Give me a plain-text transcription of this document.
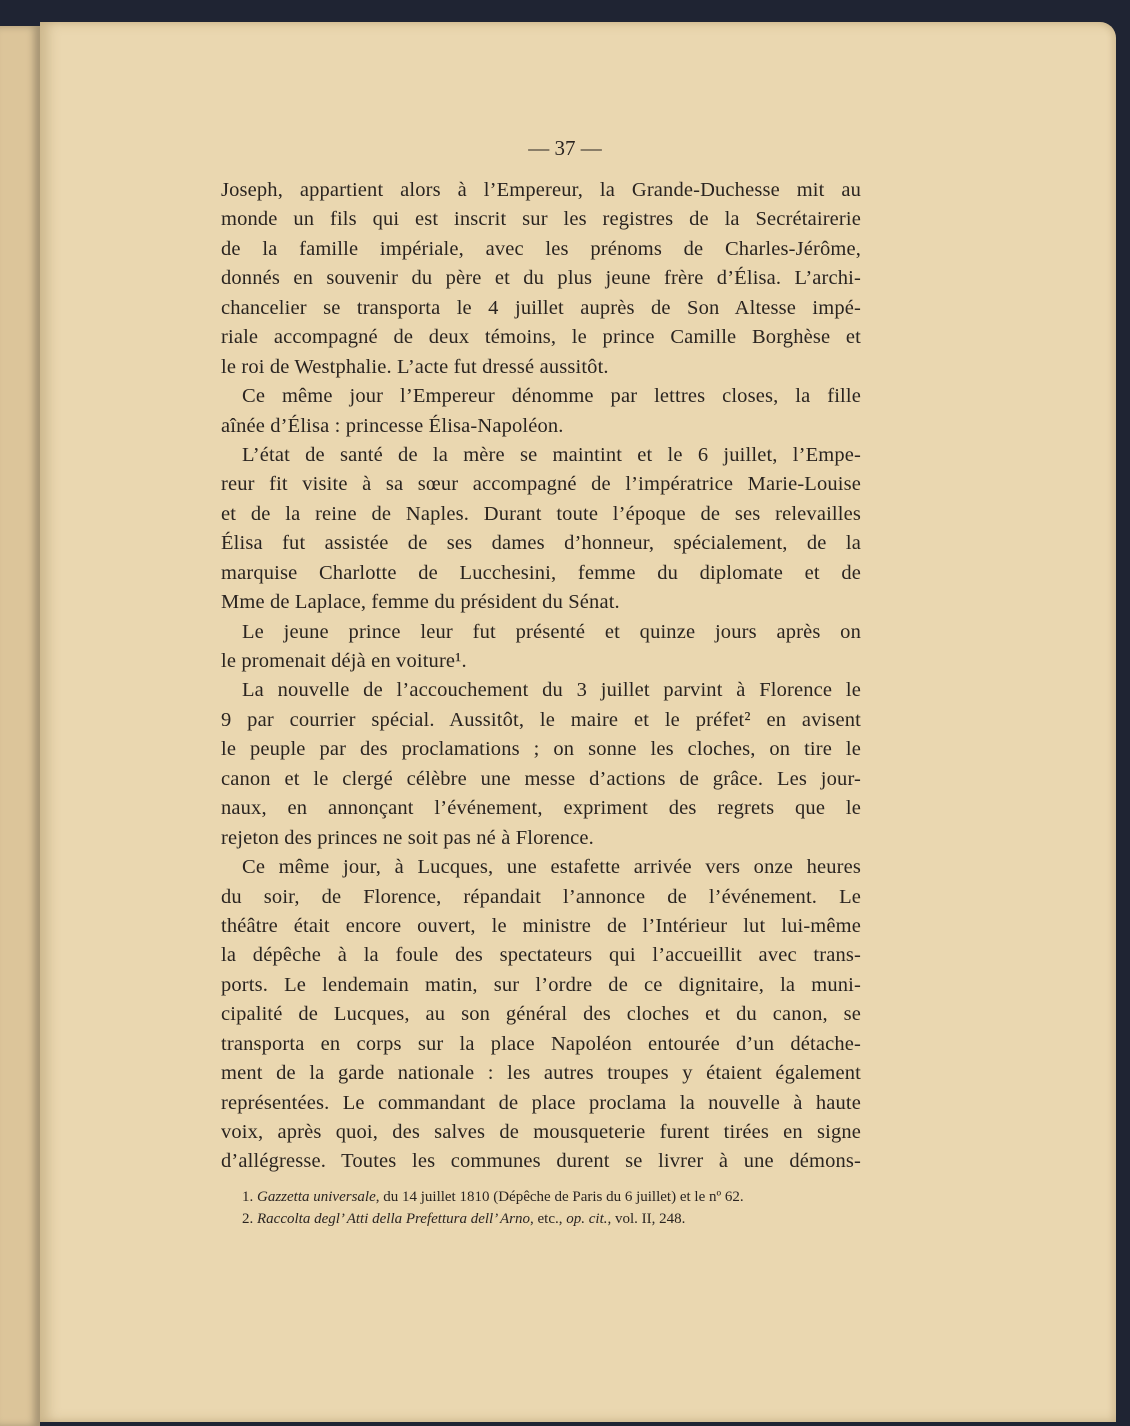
— 37 —
Joseph, appartient alors à l’Empereur, la Grande-Duchesse mit au
monde un fils qui est inscrit sur les registres de la Secrétairerie
de la famille impériale, avec les prénoms de Charles-Jérôme,
donnés en souvenir du père et du plus jeune frère d’Élisa. L’archi-
chancelier se transporta le 4 juillet auprès de Son Altesse impé-
riale accompagné de deux témoins, le prince Camille Borghèse et
le roi de Westphalie. L’acte fut dressé aussitôt.
Ce même jour l’Empereur dénomme par lettres closes, la fille
aînée d’Élisa : princesse Élisa-Napoléon.
L’état de santé de la mère se maintint et le 6 juillet, l’Empe-
reur fit visite à sa sœur accompagné de l’impératrice Marie-Louise
et de la reine de Naples. Durant toute l’époque de ses relevailles
Élisa fut assistée de ses dames d’honneur, spécialement, de la
marquise Charlotte de Lucchesini, femme du diplomate et de
Mme de Laplace, femme du président du Sénat.
Le jeune prince leur fut présenté et quinze jours après on
le promenait déjà en voiture¹.
La nouvelle de l’accouchement du 3 juillet parvint à Florence le
9 par courrier spécial. Aussitôt, le maire et le préfet² en avisent
le peuple par des proclamations ; on sonne les cloches, on tire le
canon et le clergé célèbre une messe d’actions de grâce. Les jour-
naux, en annonçant l’événement, expriment des regrets que le
rejeton des princes ne soit pas né à Florence.
Ce même jour, à Lucques, une estafette arrivée vers onze heures
du soir, de Florence, répandait l’annonce de l’événement. Le
théâtre était encore ouvert, le ministre de l’Intérieur lut lui-même
la dépêche à la foule des spectateurs qui l’accueillit avec trans-
ports. Le lendemain matin, sur l’ordre de ce dignitaire, la muni-
cipalité de Lucques, au son général des cloches et du canon, se
transporta en corps sur la place Napoléon entourée d’un détache-
ment de la garde nationale : les autres troupes y étaient également
représentées. Le commandant de place proclama la nouvelle à haute
voix, après quoi, des salves de mousqueterie furent tirées en signe
d’allégresse. Toutes les communes durent se livrer à une démons-
1. Gazzetta universale, du 14 juillet 1810 (Dépêche de Paris du 6 juillet) et le nº 62.
2. Raccolta degl’ Atti della Prefettura dell’ Arno, etc., op. cit., vol. II, 248.
